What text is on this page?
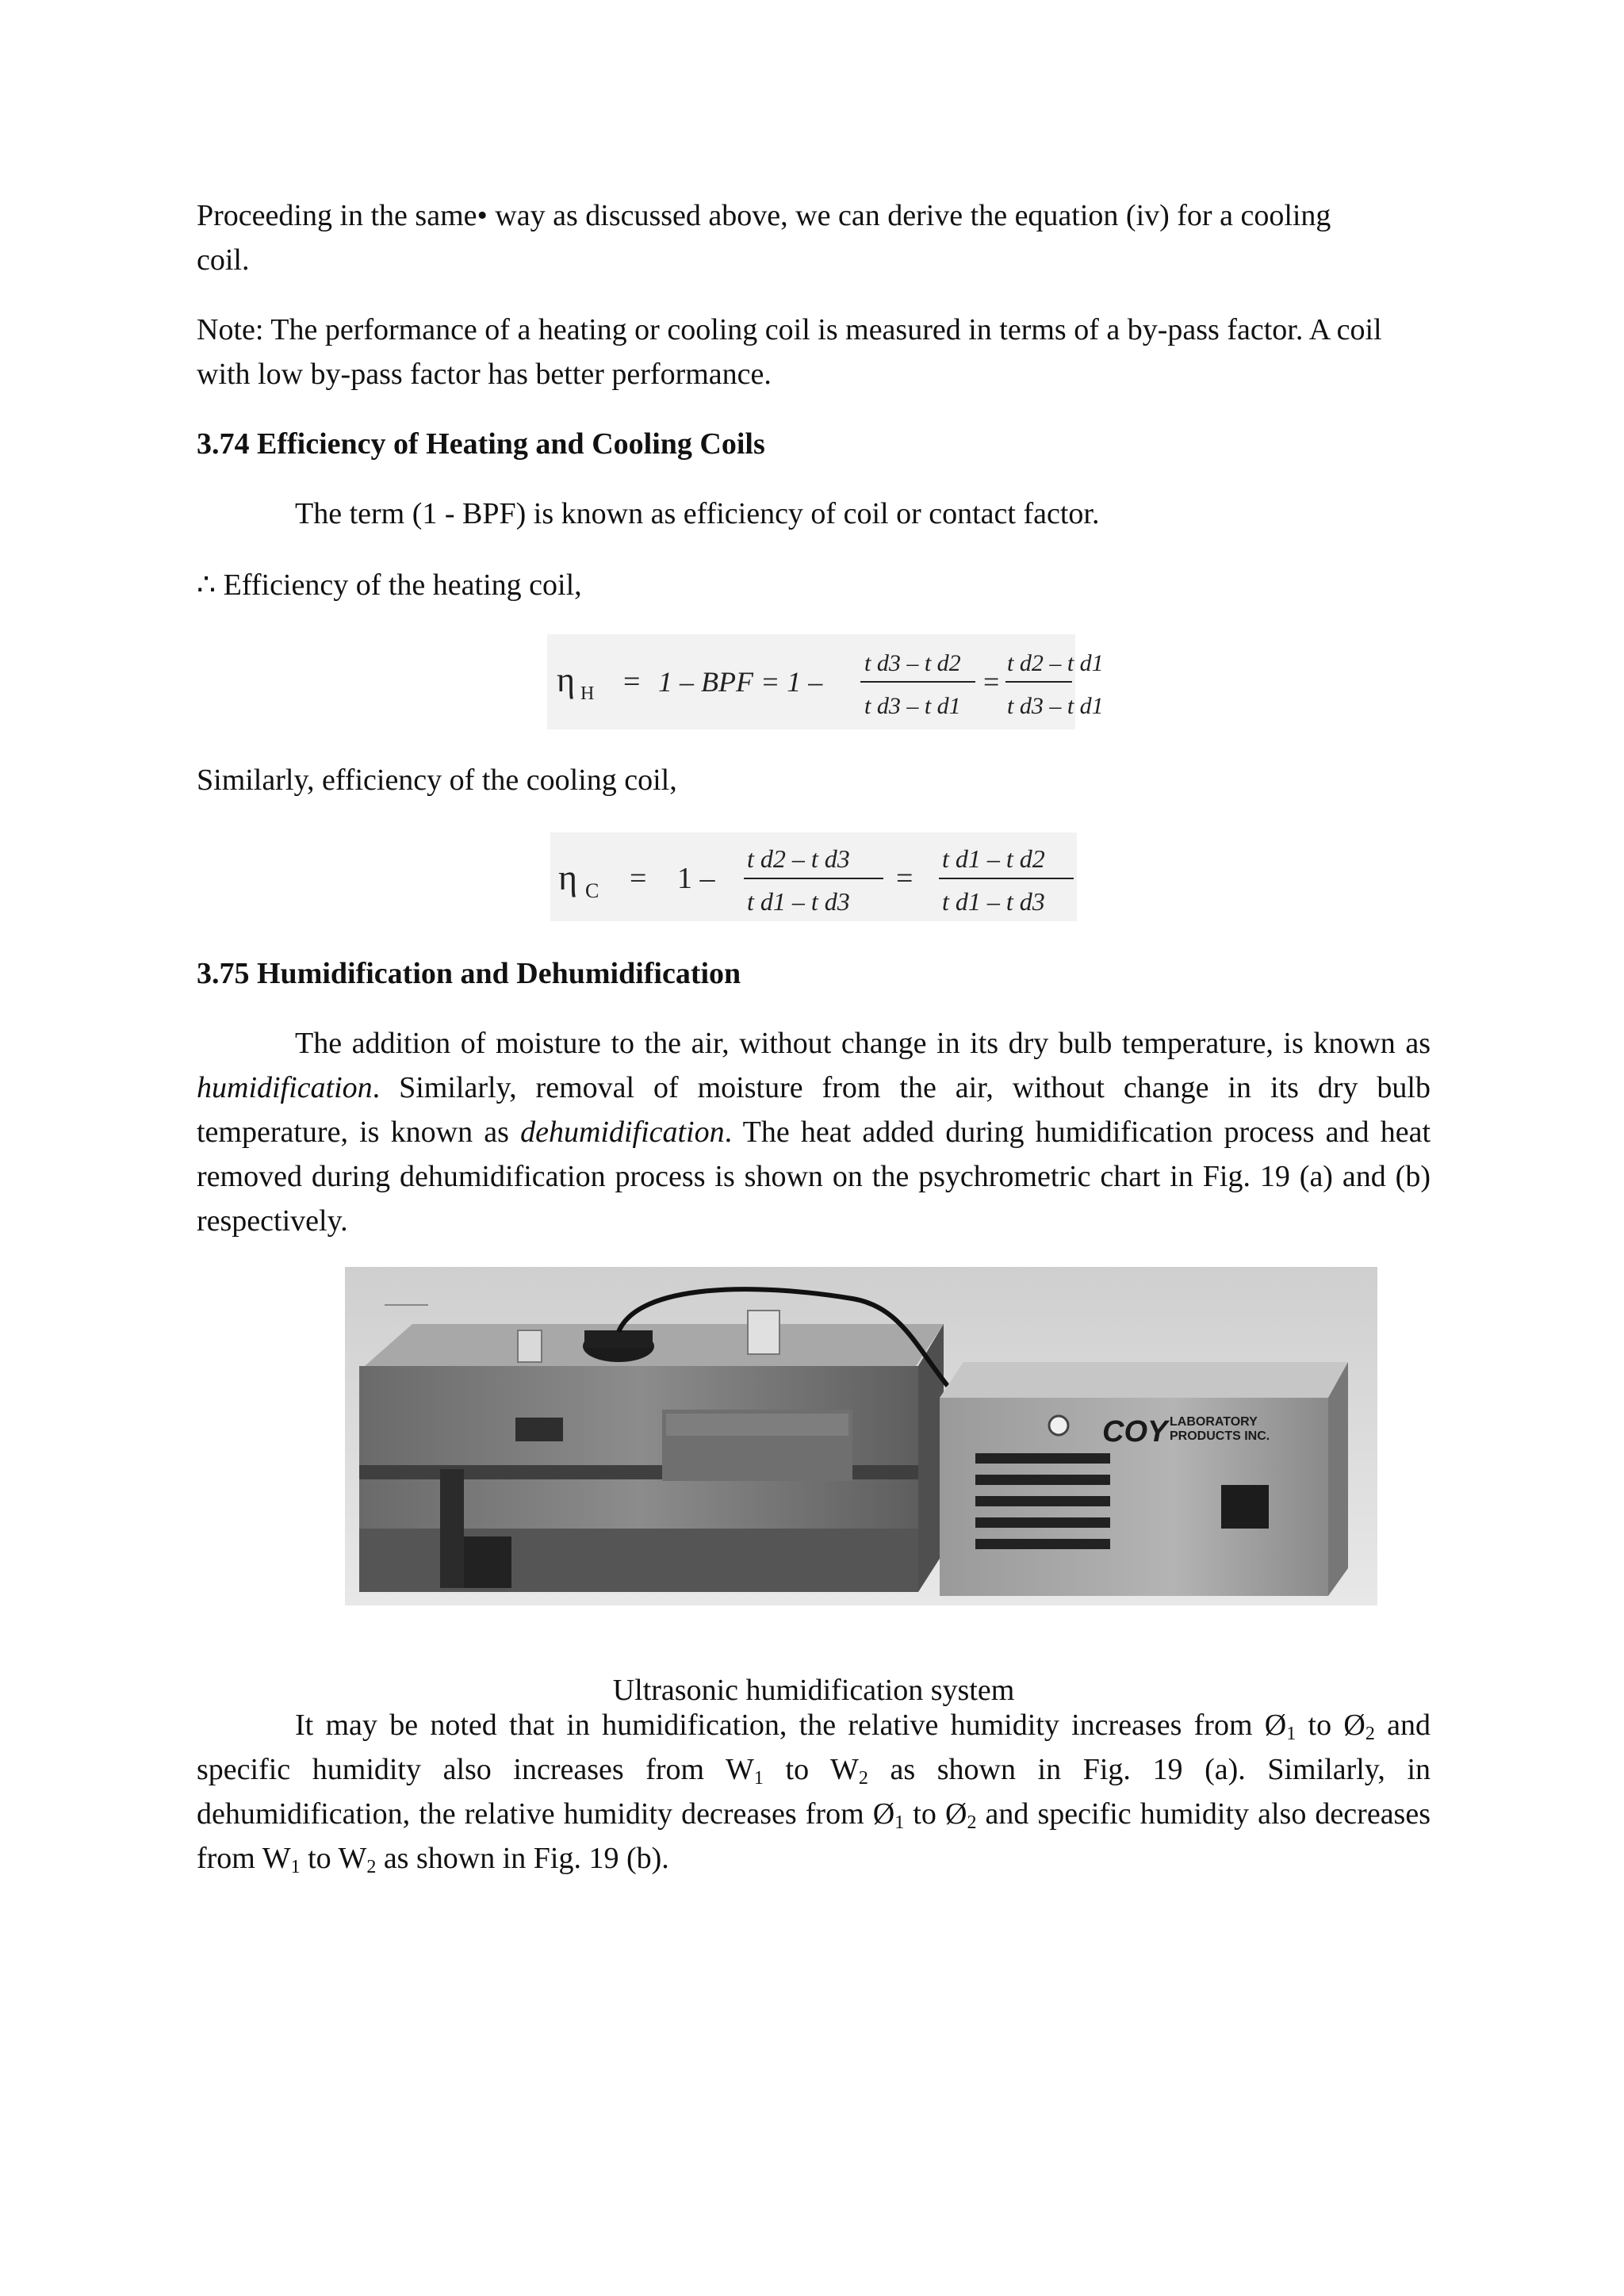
Proceeding in the same• way as discussed above, we can derive the equation (iv) for a cooling coil.

Note: The performance of a heating or cooling coil is measured in terms of a by-pass factor. A coil with low by-pass factor has better performance.

3.74 Efficiency of Heating and Cooling Coils

The term (1 - BPF) is known as efficiency of coil or contact factor.

∴ Efficiency of the heating coil,

η H = 1 – BPF = 1 –
t d3 – t d2
t d3 – t d1
=
t d2 – t d1
t d3 – t d1

Similarly, efficiency of the cooling coil,

η C = 1 –
t d2 – t d3
t d1 – t d3
=
t d1 – t d2
t d1 – t d3

3.75 Humidification and Dehumidification

The addition of moisture to the air, without change in its dry bulb temperature, is known as humidification. Similarly, removal of moisture from the air, without change in its dry bulb temperature, is known as dehumidification. The heat added during humidification process and heat removed during dehumidification process is shown on the psychrometric chart in Fig. 19 (a) and (b) respectively.

COY LABORATORY
PRODUCTS INC.

Ultrasonic humidification system

It may be noted that in humidification, the relative humidity increases from $Ø_1$ to $Ø_2$ and specific humidity also increases from $W_1$ to $W_2$ as shown in Fig. 19 (a). Similarly, in dehumidification, the relative humidity decreases from $Ø_1$ to $Ø_2$ and specific humidity also decreases from $W_1$ to $W_2$ as shown in Fig. 19 (b).
